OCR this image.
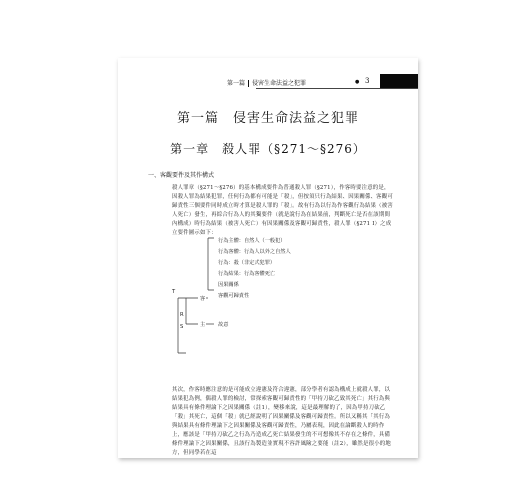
第一篇 侵害生命法益之犯罪	● 3
第一篇　侵害生命法益之犯罪
第一章　殺人罪（§271～§276）
一、客觀要件及其作構式
殺人罪章（§271～§276）的基本構成要件為普通殺人罪（§271），作客時要注意的是，因殺人罪為結果犯罪，任何行為都有可能是「殺」，但按須只行為結果、因果關係、客觀可歸責性三個要件同時成立時才算是殺人罪的「殺」。故有行為以行為作客觀行為結果（被害人死亡）發生，再綜合行為人的其獨要件（就是說行為在結果前，判斷死亡是否在該期間內構成）時行為結果（被害人死亡）有因果關係及客觀可歸責性，殺人罪（§271 I）之成立要件圖示如下：
T
R
S
客
主
行為主體：自然人（一般犯）
行為客體：行為人以外之自然人
行為：殺（非定式犯罪）
行為結果：行為客體死亡
因果關係
客觀可歸責性
故意
其次，作客時應注意的是可能成立違憲及符合違憲，部分學者有認為構成上就殺人罪，以結果犯為例，偶殺人罪的檢討，常探索客觀可歸責性的「甲持刀砍乙致其死亡」其行為與結果具有條件理論下之因果關係（註1），變移來說，這是最理解的了，因為甲持刀砍乙「殺」其死亡，這個「殺」就已經說明了因果關係及客觀可歸責性。所以又稱其「其行為與結果具有條件理論下之因果關係及客觀可歸責性，乃屬表現，因此在論斷殺人的時作上，應該是「甲持刀砍乙之行為乃造成乙死亡結果發生的不可想像其不存在之條件，具備條件理論下之因果關係，且該行為製造並實現不容許風險之要能（註2），雖然是很小的地方，但同學若在這
